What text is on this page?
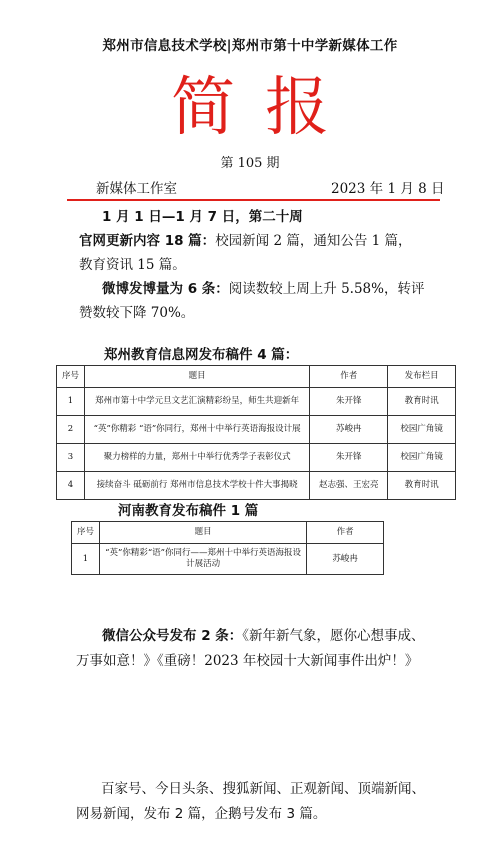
郑州市信息技术学校|郑州市第十中学新媒体工作
简报
第 105 期
新媒体工作室	2023 年 1 月 8 日
1 月 1 日—1 月 7 日，第二十周
官网更新内容 18 篇：校园新闻 2 篇，通知公告 1 篇，
教育资讯 15 篇。
微博发博量为 6 条：阅读数较上周上升 5.58%，转评
赞数较下降 70%。
郑州教育信息网发布稿件 4 篇：
序号	题目	作者	发布栏目
1	郑州市第十中学元旦文艺汇演精彩纷呈，师生共迎新年	朱开锋	教育时讯
2	“英”你精彩 “语”你同行，郑州十中举行英语海报设计展	苏峻冉	校园广角镜
3	聚力榜样的力量，郑州十中举行优秀学子表彰仪式	朱开锋	校园广角镜
4	接续奋斗 砥砺前行 郑州市信息技术学校十件大事揭晓	赵志强、王宏亮	教育时讯
河南教育发布稿件 1 篇
序号	题目	作者
1	“英”你精彩“语”你同行——郑州十中举行英语海报设计展活动	苏峻冉
微信公众号发布 2 条：《新年新气象，愿你心想事成、
万事如意！》《重磅！2023 年校园十大新闻事件出炉！》
百家号、今日头条、搜狐新闻、正观新闻、顶端新闻、
网易新闻，发布 2 篇，企鹅号发布 3 篇。
